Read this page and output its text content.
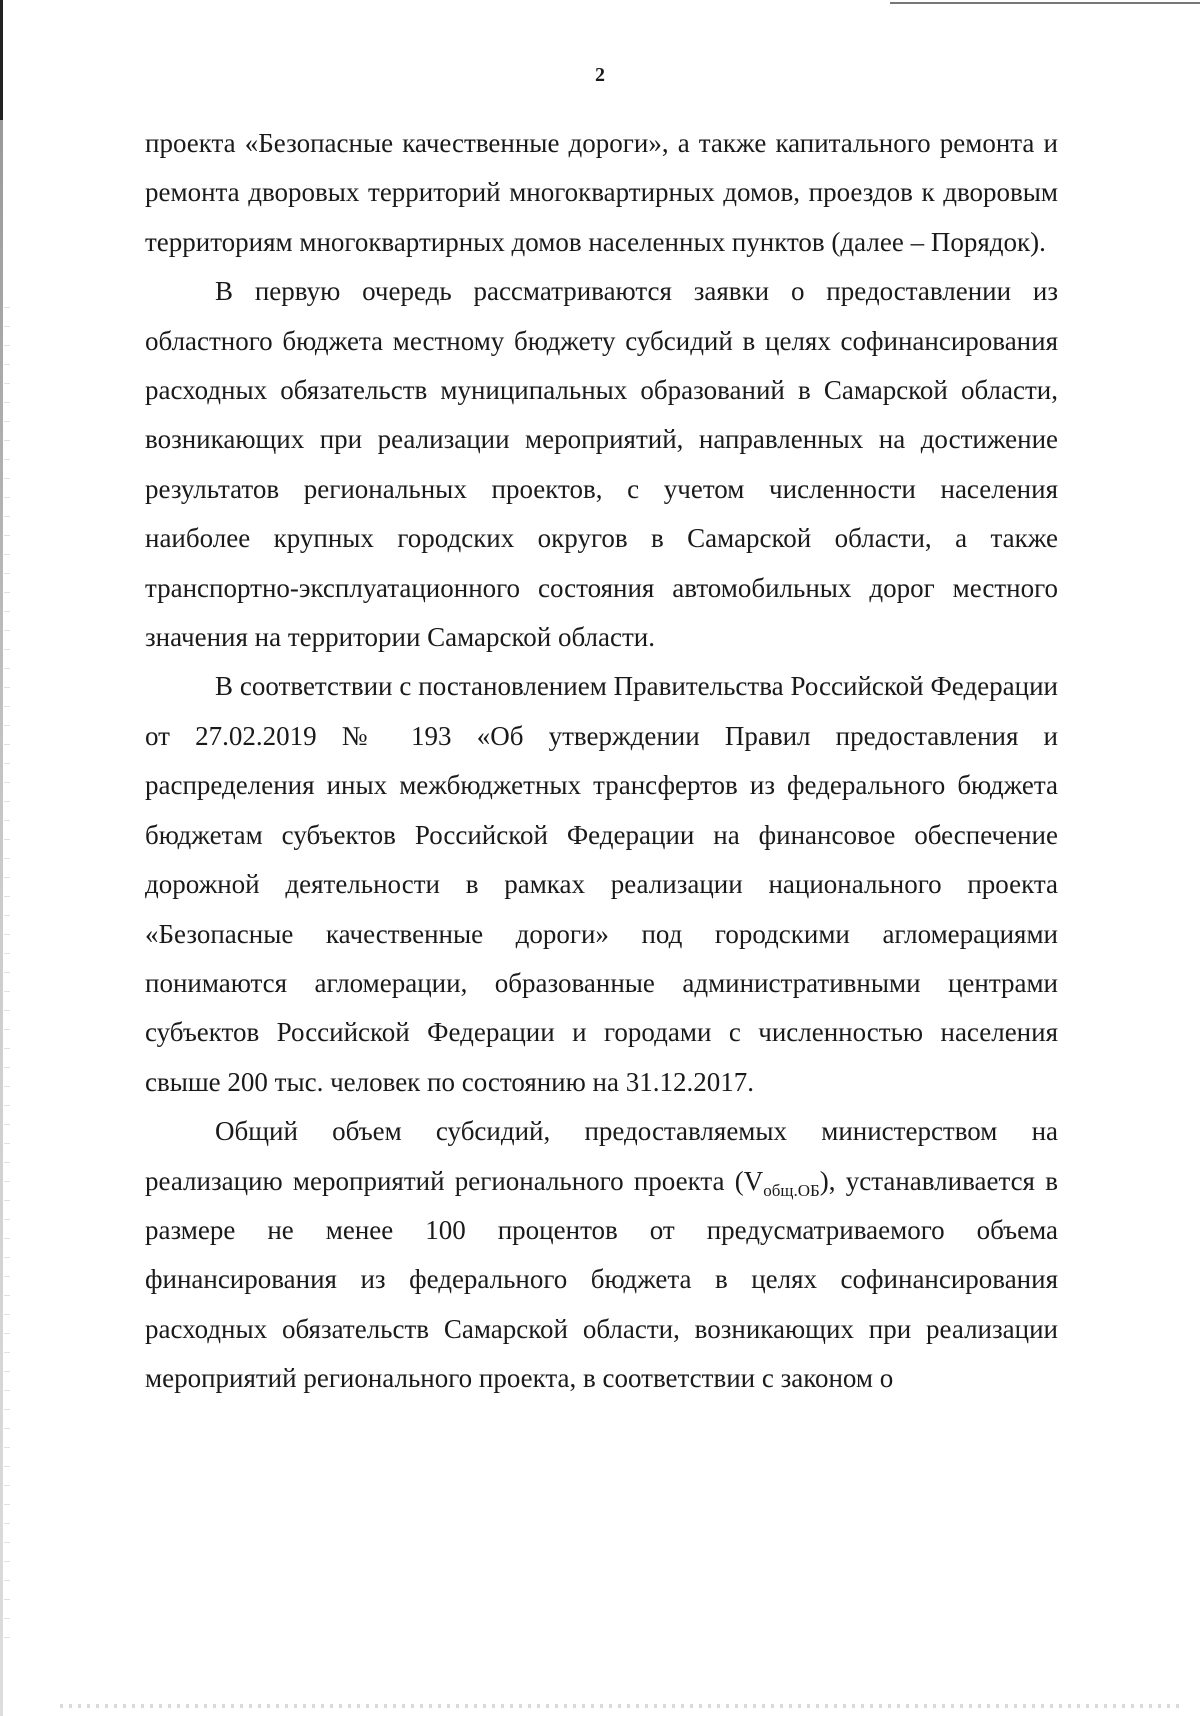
2

проекта «Безопасные качественные дороги», а также капитального ремонта и ремонта дворовых территорий многоквартирных домов, проездов к дворовым территориям многоквартирных домов населенных пунктов (далее – Порядок).

В первую очередь рассматриваются заявки о предоставлении из областного бюджета местному бюджету субсидий в целях софинансирования расходных обязательств муниципальных образований в Самарской области, возникающих при реализации мероприятий, направленных на достижение результатов региональных проектов, с учетом численности населения наиболее крупных городских округов в Самарской области, а также транспортно-эксплуатационного состояния автомобильных дорог местного значения на территории Самарской области.

В соответствии с постановлением Правительства Российской Федерации от 27.02.2019 № 193 «Об утверждении Правил предоставления и распределения иных межбюджетных трансфертов из федерального бюджета бюджетам субъектов Российской Федерации на финансовое обеспечение дорожной деятельности в рамках реализации национального проекта «Безопасные качественные дороги» под городскими агломерациями понимаются агломерации, образованные административными центрами субъектов Российской Федерации и городами с численностью населения свыше 200 тыс. человек по состоянию на 31.12.2017.

Общий объем субсидий, предоставляемых министерством на реализацию мероприятий регионального проекта $(V_{общ.ОБ})$, устанавливается в размере не менее 100 процентов от предусматриваемого объема финансирования из федерального бюджета в целях софинансирования расходных обязательств Самарской области, возникающих при реализации мероприятий регионального проекта, в соответствии с законом о
